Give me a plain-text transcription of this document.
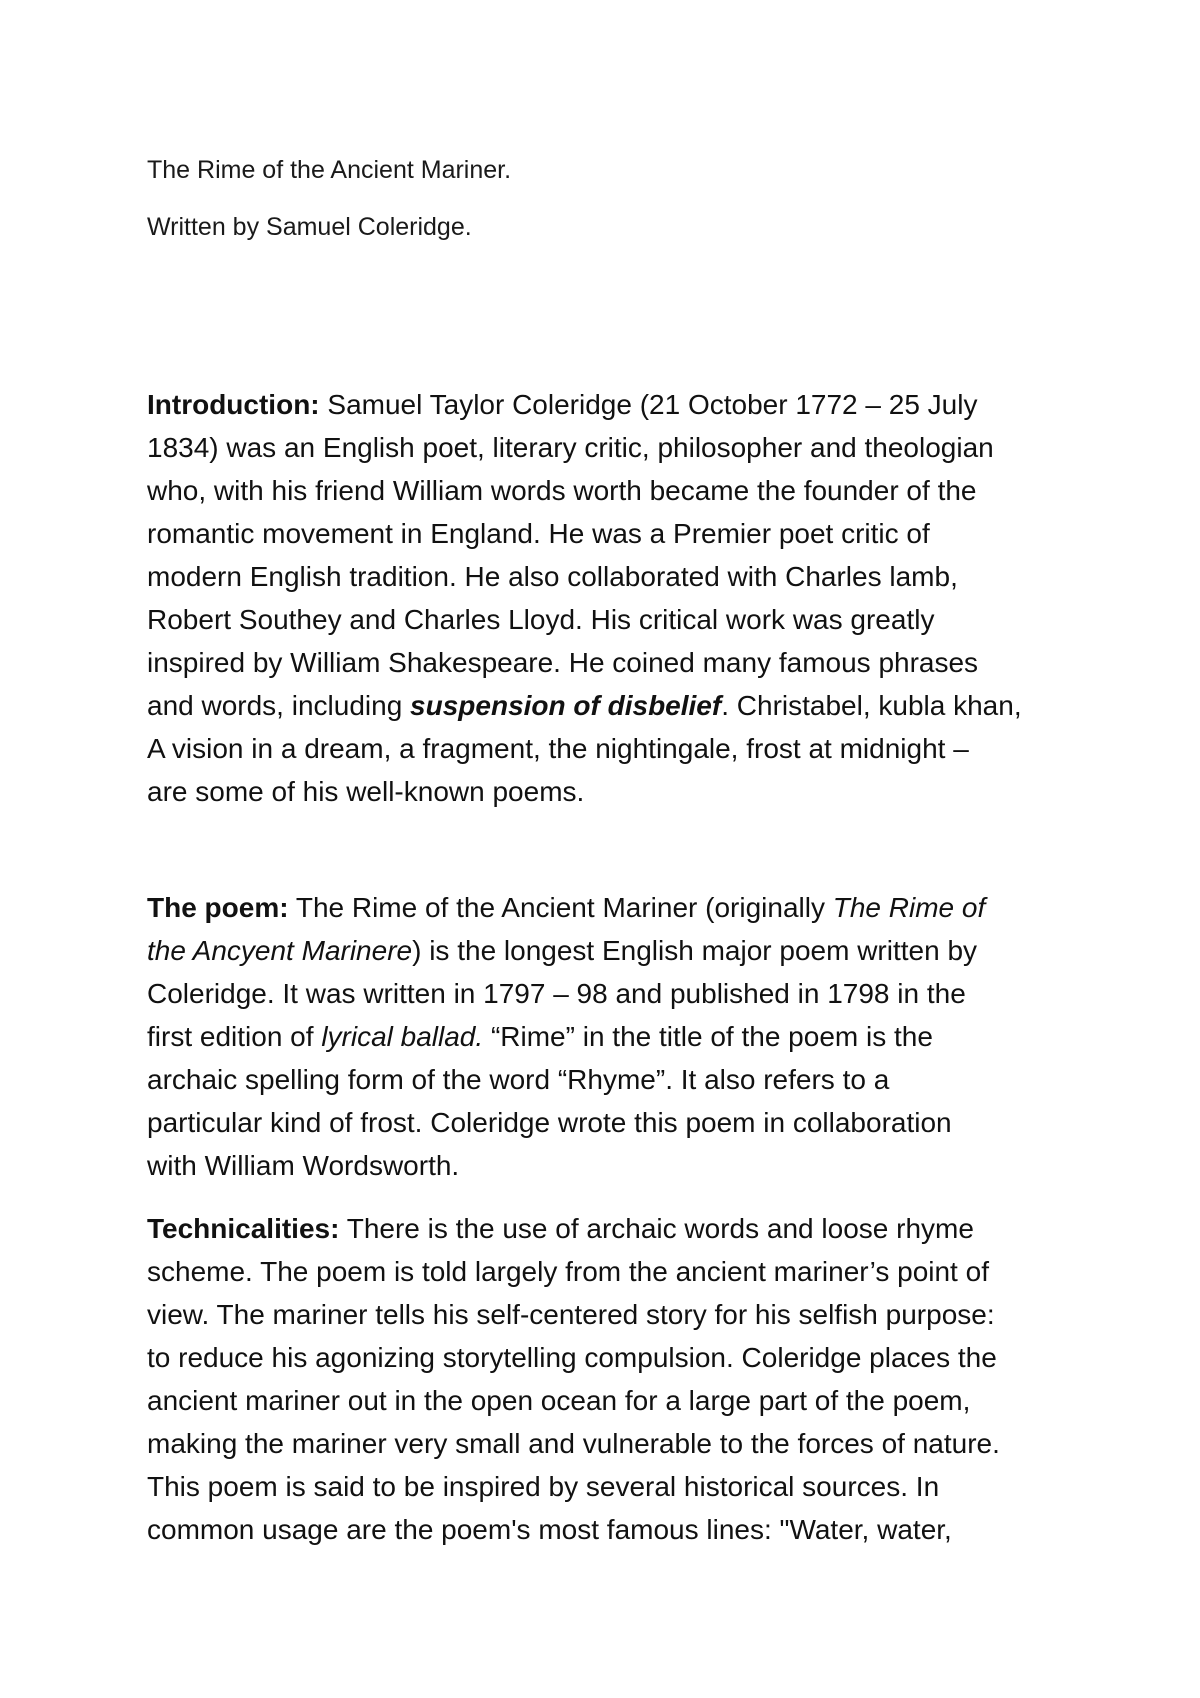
The Rime of the Ancient Mariner.
Written by Samuel Coleridge.
Introduction: Samuel Taylor Coleridge (21 October 1772 – 25 July
1834) was an English poet, literary critic, philosopher and theologian
who, with his friend William words worth became the founder of the
romantic movement in England. He was a Premier poet critic of
modern English tradition. He also collaborated with Charles lamb,
Robert Southey and Charles Lloyd. His critical work was greatly
inspired by William Shakespeare. He coined many famous phrases
and words, including suspension of disbelief. Christabel, kubla khan,
A vision in a dream, a fragment, the nightingale, frost at midnight –
are some of his well-known poems.
The poem: The Rime of the Ancient Mariner (originally The Rime of
the Ancyent Marinere) is the longest English major poem written by
Coleridge. It was written in 1797 – 98 and published in 1798 in the
first edition of lyrical ballad. “Rime” in the title of the poem is the
archaic spelling form of the word “Rhyme”. It also refers to a
particular kind of frost. Coleridge wrote this poem in collaboration
with William Wordsworth.
Technicalities: There is the use of archaic words and loose rhyme
scheme. The poem is told largely from the ancient mariner’s point of
view. The mariner tells his self-centered story for his selfish purpose:
to reduce his agonizing storytelling compulsion. Coleridge places the
ancient mariner out in the open ocean for a large part of the poem,
making the mariner very small and vulnerable to the forces of nature.
This poem is said to be inspired by several historical sources. In
common usage are the poem's most famous lines: "Water, water,
